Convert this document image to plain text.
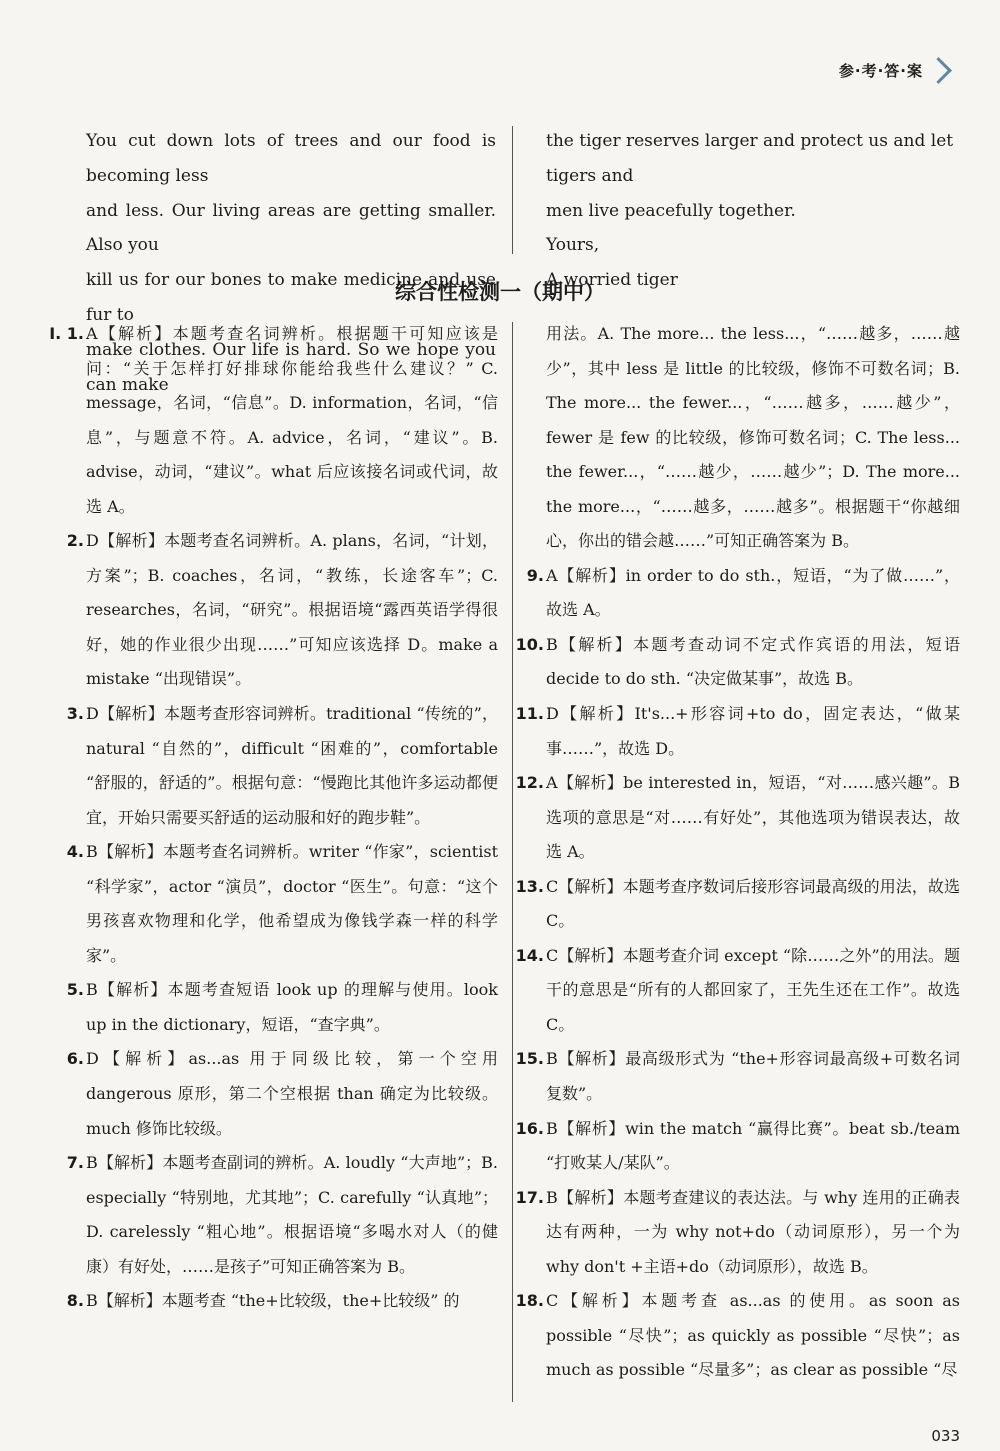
参·考·答·案

You cut down lots of trees and our food is becoming less

and less. Our living areas are getting smaller. Also you

kill us for our bones to make medicine and use fur to

make clothes. Our life is hard. So we hope you can make

the tiger reserves larger and protect us and let tigers and

men live peacefully together.

Yours,

A worried tiger

综合性检测一（期中）
I. 1. A【解析】本题考查名词辨析。根据题干可知应该是问：“关于怎样打好排球你能给我些什么建议？” C. message，名词，“信息”。D. information，名词，“信息”，与题意不符。A. advice，名词，“建议”。B. advise，动词，“建议”。what 后应该接名词或代词，故选 A。
2. D【解析】本题考查名词辨析。A. plans，名词，“计划，方案”；B. coaches，名词，“教练，长途客车”；C. researches，名词，“研究”。根据语境“露西英语学得很好，她的作业很少出现……”可知应该选择 D。make a mistake “出现错误”。
3. D【解析】本题考查形容词辨析。traditional “传统的”，natural “自然的”，difficult “困难的”，comfortable “舒服的，舒适的”。根据句意：“慢跑比其他许多运动都便宜，开始只需要买舒适的运动服和好的跑步鞋”。
4. B【解析】本题考查名词辨析。writer “作家”，scientist “科学家”，actor “演员”，doctor “医生”。句意：“这个男孩喜欢物理和化学，他希望成为像钱学森一样的科学家”。
5. B【解析】本题考查短语 look up 的理解与使用。look up in the dictionary，短语，“查字典”。
6. D【解析】as...as 用于同级比较，第一个空用 dangerous 原形，第二个空根据 than 确定为比较级。much 修饰比较级。
7. B【解析】本题考查副词的辨析。A. loudly “大声地”；B. especially “特别地，尤其地”；C. carefully “认真地”；D. carelessly “粗心地”。根据语境“多喝水对人（的健康）有好处，……是孩子”可知正确答案为 B。
8. B【解析】本题考查 “the+比较级，the+比较级” 的
用法。A. The more... the less...，“……越多，……越少”，其中 less 是 little 的比较级，修饰不可数名词；B. The more... the fewer...，“……越多，……越少”，fewer 是 few 的比较级，修饰可数名词；C. The less... the fewer...，“……越少，……越少”；D. The more... the more...，“……越多，……越多”。根据题干“你越细心，你出的错会越……”可知正确答案为 B。
9. A【解析】in order to do sth.，短语，“为了做……”，故选 A。
10. B【解析】本题考查动词不定式作宾语的用法，短语 decide to do sth. “决定做某事”，故选 B。
11. D【解析】It's...+形容词+to do，固定表达，“做某事……”，故选 D。
12. A【解析】be interested in，短语，“对……感兴趣”。B 选项的意思是“对……有好处”，其他选项为错误表达，故选 A。
13. C【解析】本题考查序数词后接形容词最高级的用法，故选 C。
14. C【解析】本题考查介词 except “除……之外”的用法。题干的意思是“所有的人都回家了，王先生还在工作”。故选 C。
15. B【解析】最高级形式为 “the+形容词最高级+可数名词复数”。
16. B【解析】win the match “赢得比赛”。beat sb./team “打败某人/某队”。
17. B【解析】本题考查建议的表达法。与 why 连用的正确表达有两种，一为 why not+do（动词原形），另一个为 why don't +主语+do（动词原形），故选 B。
18. C【解析】本题考查 as...as 的使用。as soon as possible “尽快”；as quickly as possible “尽快”；as much as possible “尽量多”；as clear as possible “尽
033
